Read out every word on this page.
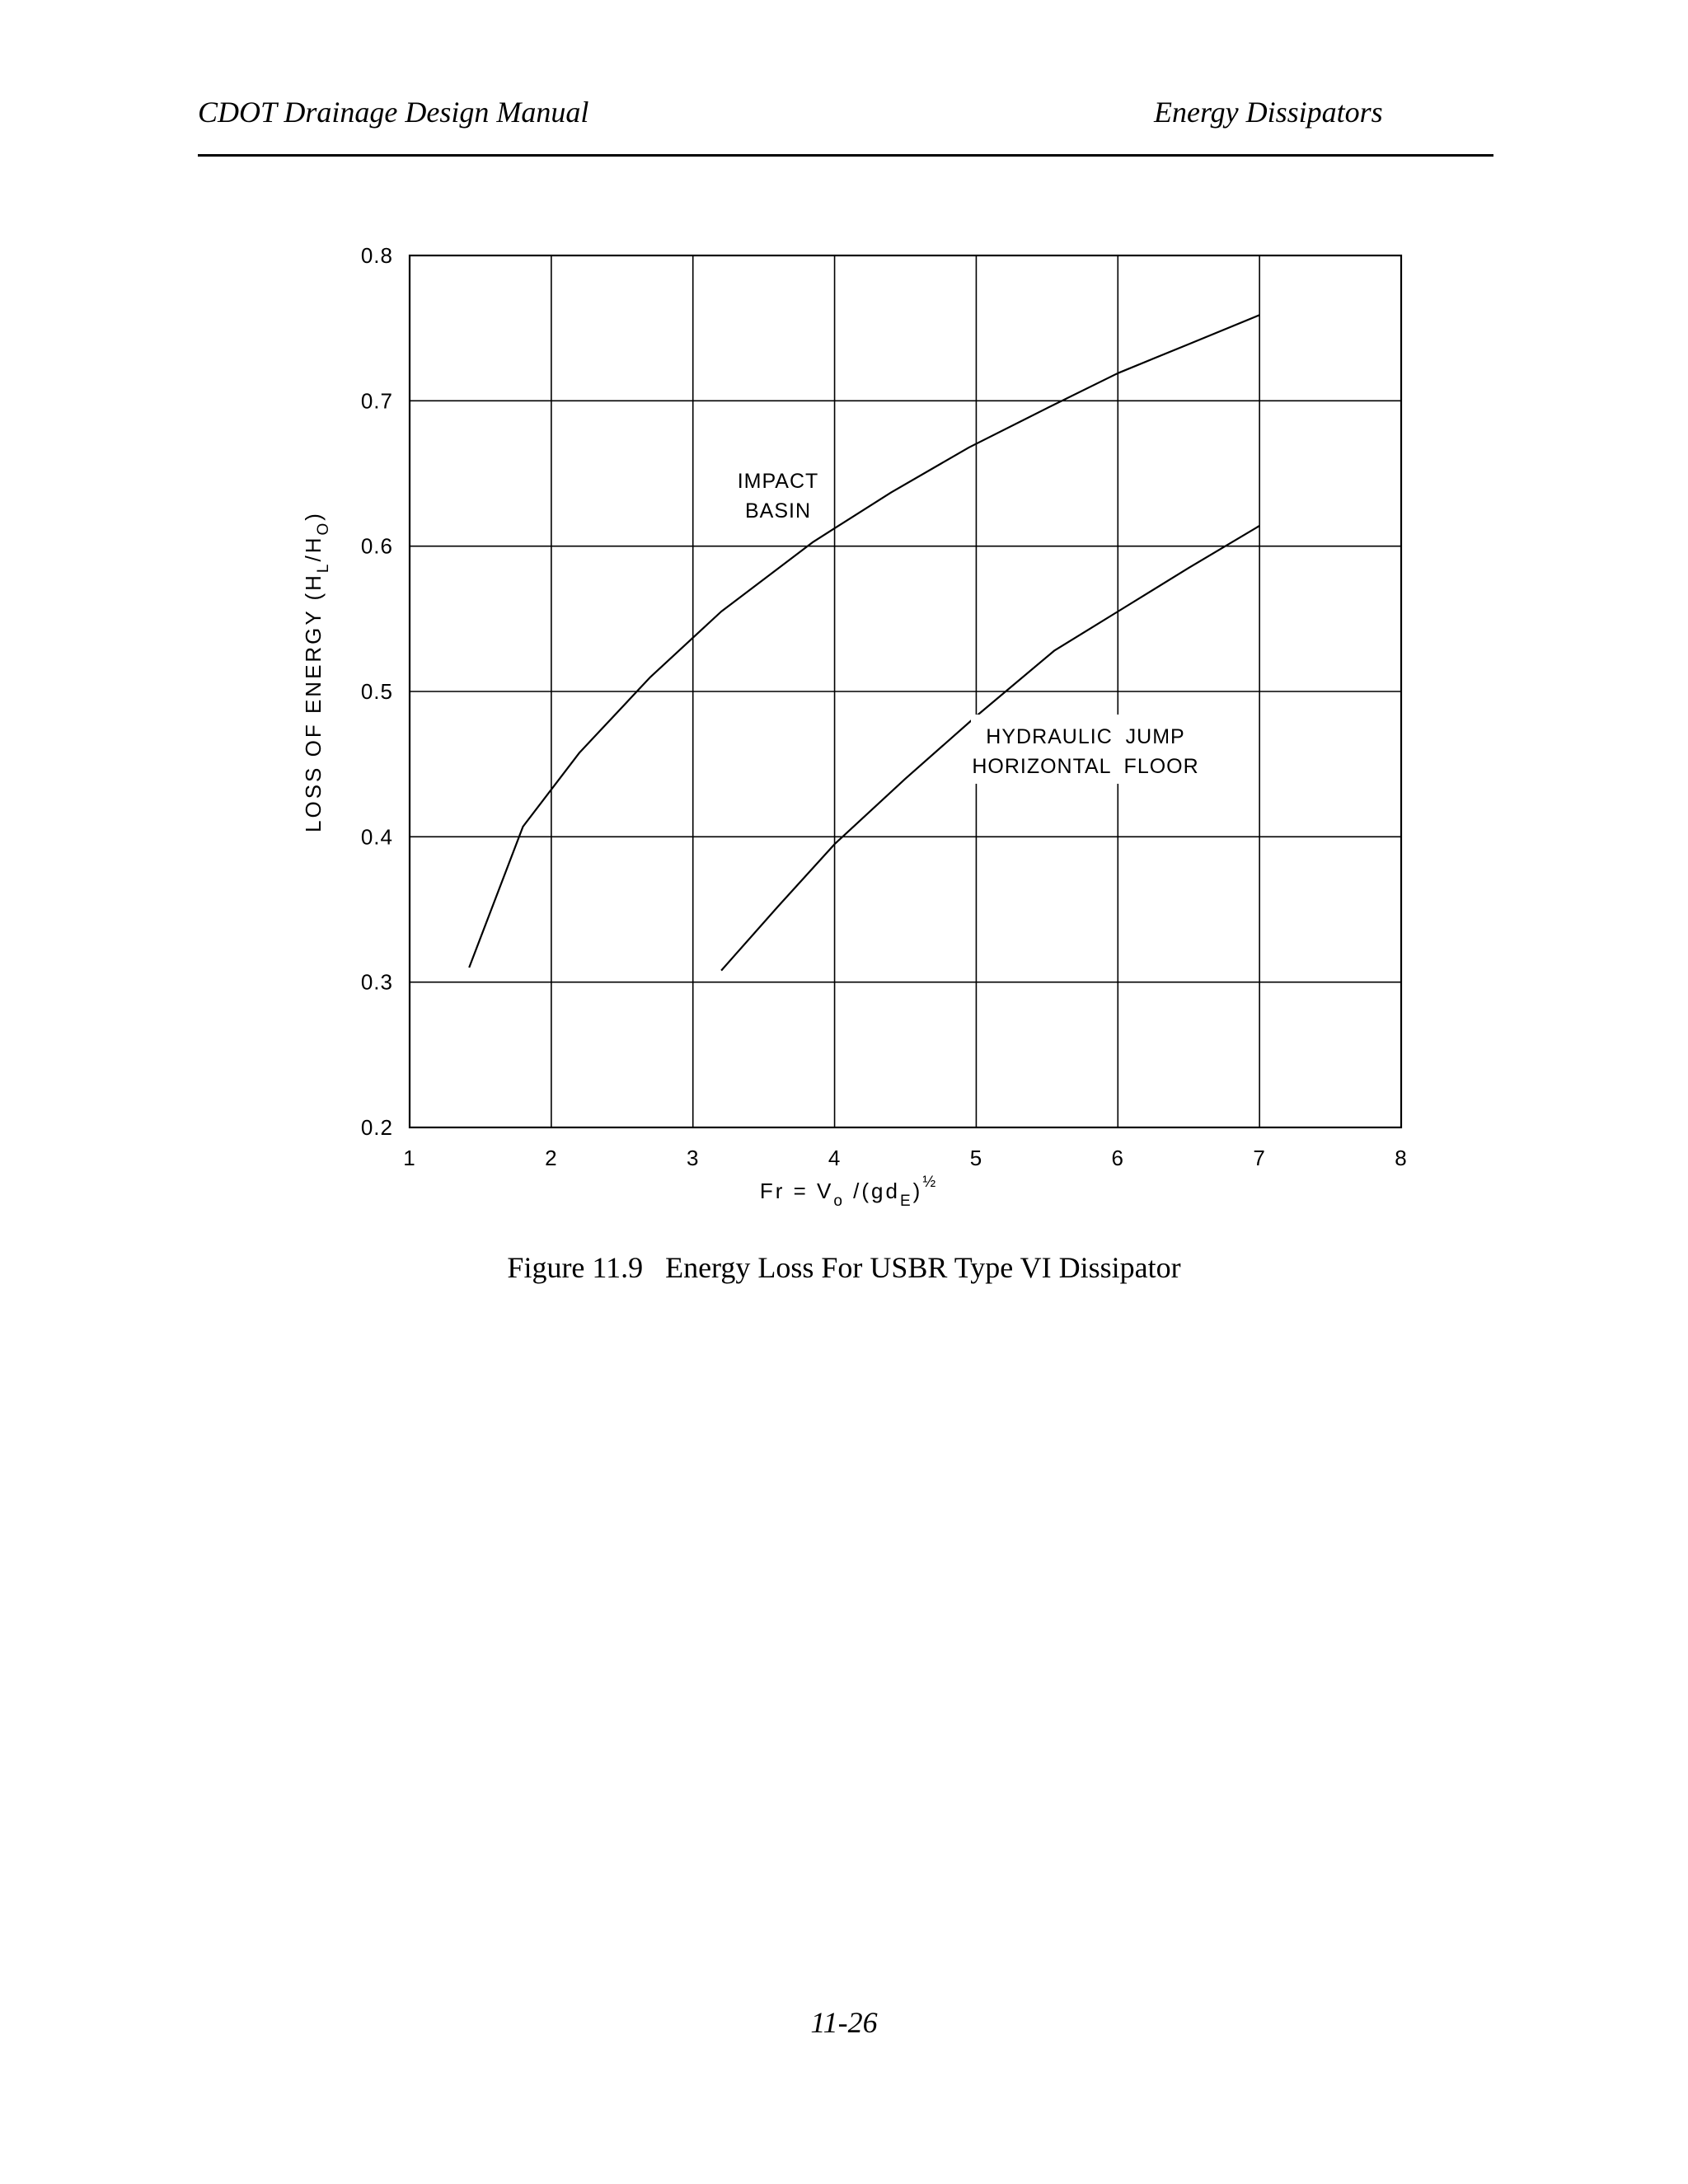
CDOT Drainage Design Manual	Energy Dissipators
1	2	3	4	5	6	7	8
0.2
0.3
0.4
0.5
0.6
0.7
0.8
IMPACT
BASIN
HYDRAULIC  JUMP
HORIZONTAL  FLOOR
$Fr = V_o$ $/(gd_E)^{\frac{1}{2}}$
LOSS OF ENERGY $(H_L/H_O)$
Figure 11.9   Energy Loss For USBR Type VI Dissipator
11-26
